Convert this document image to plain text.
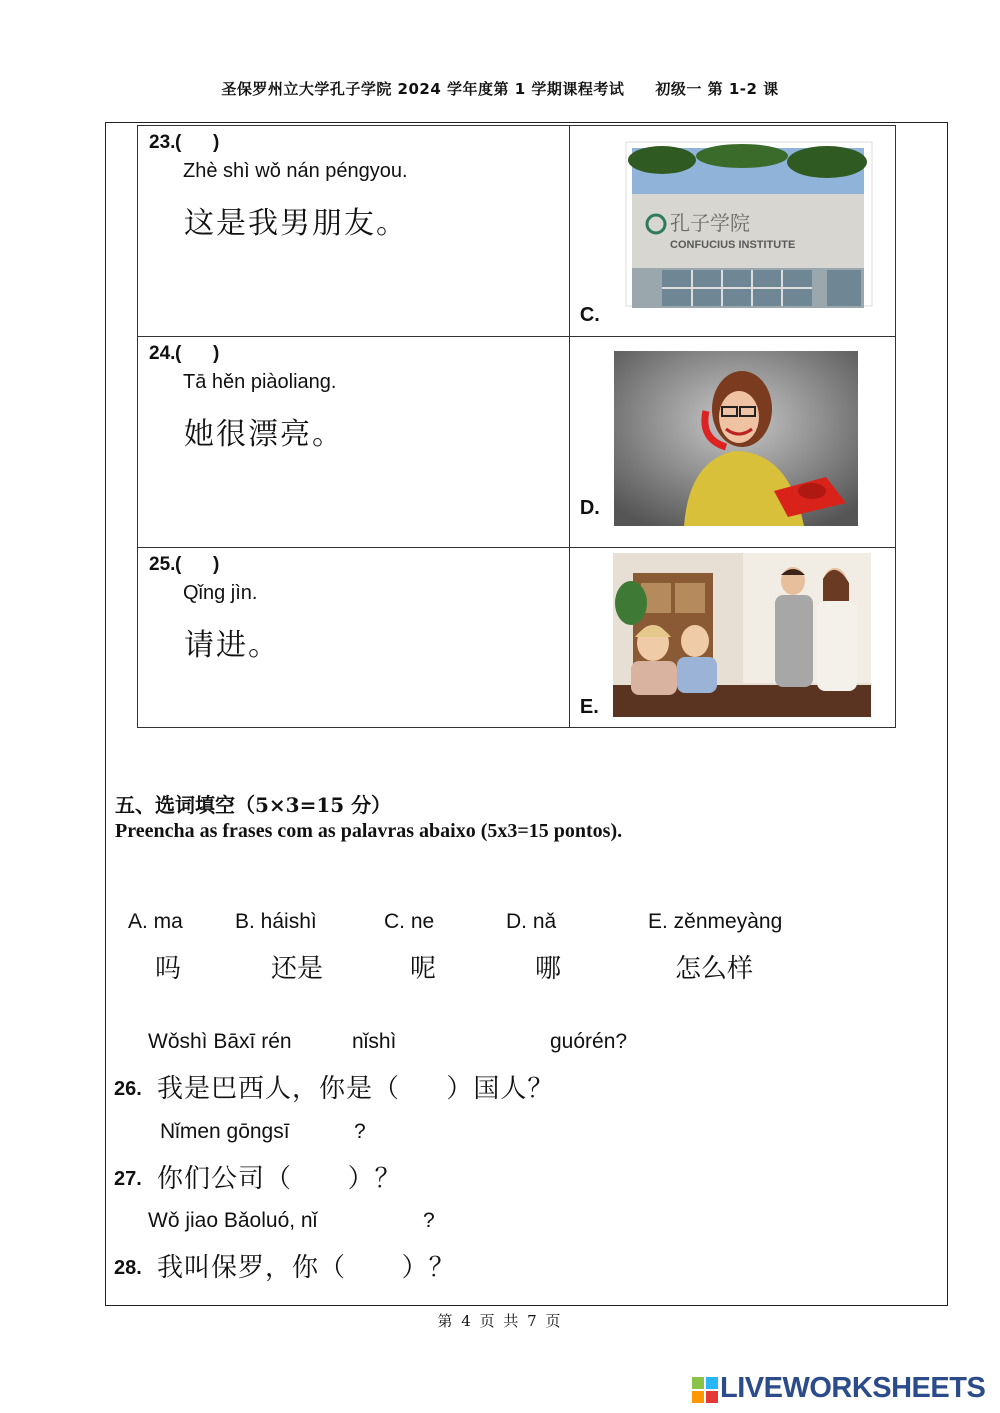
圣保罗州立大学孔子学院 2024 学年度第 1 学期课程考试　　初级一 第 1-2 课
23. (      )
Zhè shì wǒ nán péngyou.
这是我男朋友。	C.
孔子学院
CONFUCIUS INSTITUTE

24. (      )
Tā hěn piàoliang.
她很漂亮。	D.

25. (      )
Qǐng jìn.
请进。	E.
五、选词填空（5×3=15 分）
Preencha as frases com as palavras abaixo (5x3=15 pontos).
A. ma B. háishì	C. ne	D. nǎ	E. zěnmeyàng
吗	还是	呢	哪	怎么样
Wǒshì Bāxī rén	nǐshì	guórén?
26. 我是巴西人，你是（     ）国人？
Nǐmen gōngsī	?
27. 你们公司（      ）？
Wǒ jiao Bǎoluó, nǐ	?
28. 我叫保罗，你（      ）？
第 4 页 共 7 页
LIVEWORKSHEETS
